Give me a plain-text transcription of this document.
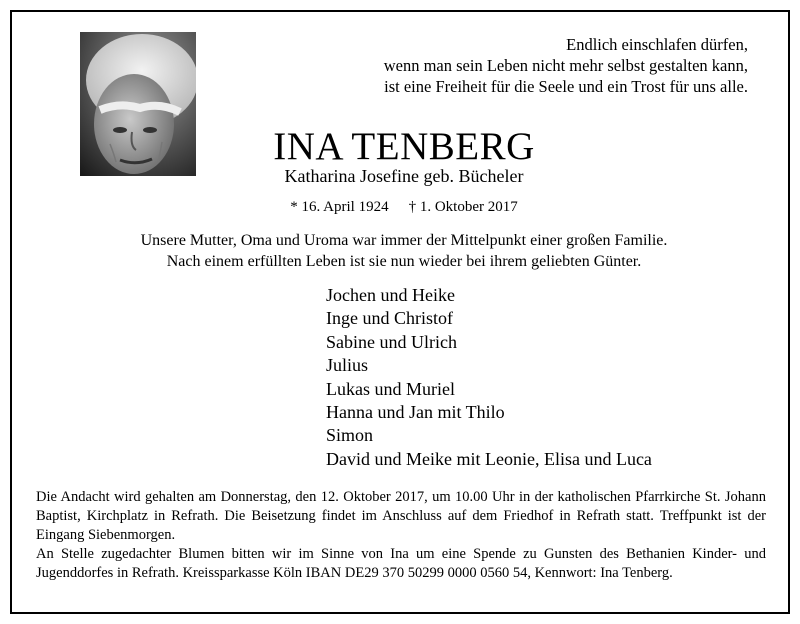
Endlich einschlafen dürfen,
wenn man sein Leben nicht mehr selbst gestalten kann,
ist eine Freiheit für die Seele und ein Trost für uns alle.
INA TENBERG
Katharina Josefine geb. Bücheler
* 16. April 1924 † 1. Oktober 2017
Unsere Mutter, Oma und Uroma war immer der Mittelpunkt einer großen Familie.
Nach einem erfüllten Leben ist sie nun wieder bei ihrem geliebten Günter.
Jochen und Heike
Inge und Christof
Sabine und Ulrich
Julius
Lukas und Muriel
Hanna und Jan mit Thilo
Simon
David und Meike mit Leonie, Elisa und Luca

Die Andacht wird gehalten am Donnerstag, den 12. Oktober 2017, um 10.00 Uhr in der katholischen Pfarrkirche St. Johann Baptist, Kirchplatz in Refrath. Die Beisetzung findet im Anschluss auf dem Friedhof in Refrath statt. Treffpunkt ist der Eingang Siebenmorgen.

An Stelle zugedachter Blumen bitten wir im Sinne von Ina um eine Spende zu Gunsten des Bethanien Kinder- und Jugenddorfes in Refrath. Kreissparkasse Köln IBAN DE29 370 50299 0000 0560 54, Kennwort: Ina Tenberg.
